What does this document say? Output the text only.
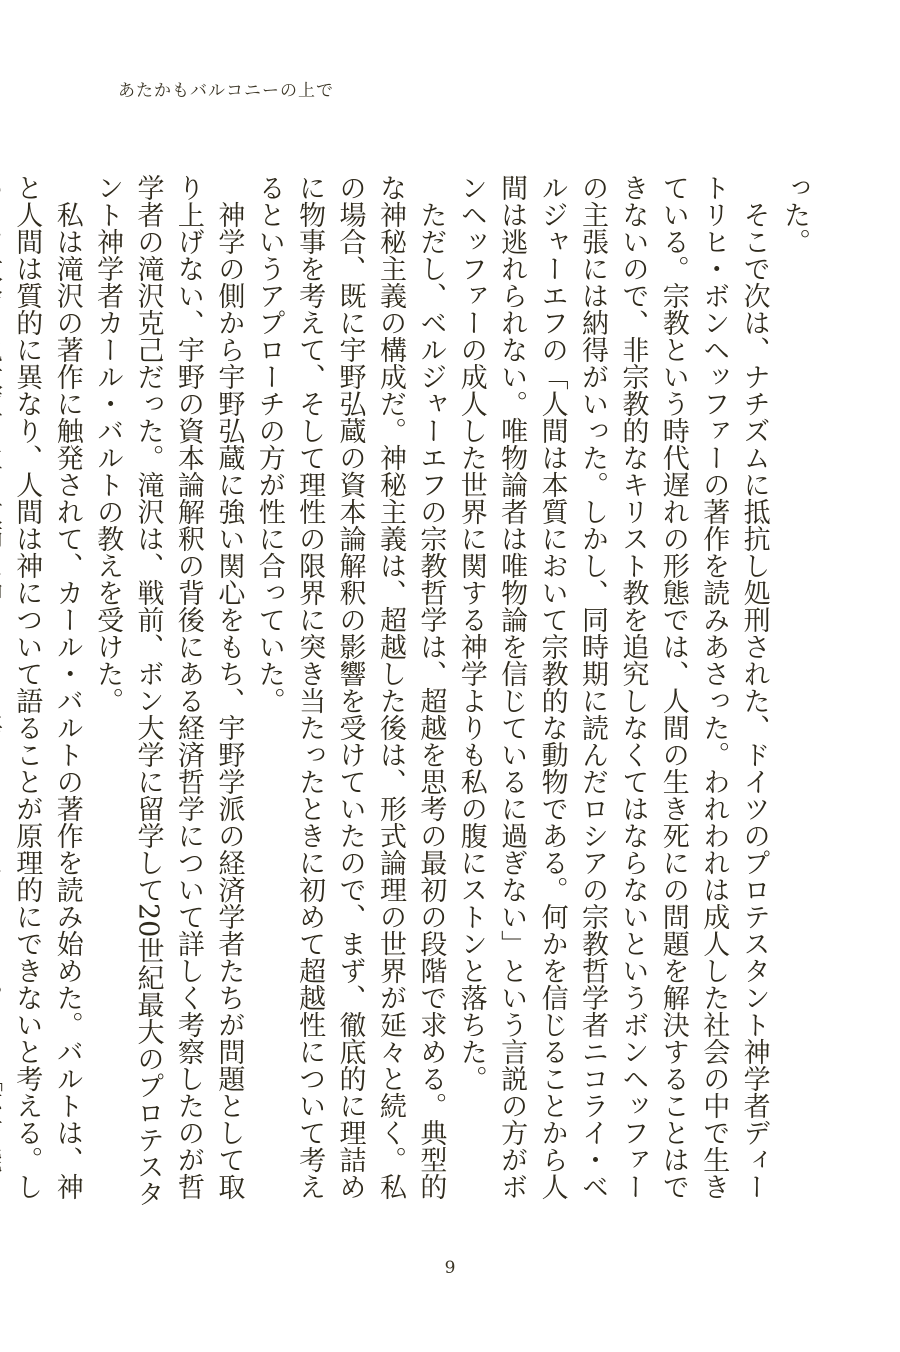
あたかもバルコニーの上で

った。

そこで次は、ナチズムに抵抗し処刑された、ドイツのプロテスタント神学者ディートリヒ・ボンヘッファーの著作を読みあさった。われわれは成人した社会の中で生きている。宗教という時代遅れの形態では、人間の生き死にの問題を解決することはできないので、非宗教的なキリスト教を追究しなくてはならないというボンヘッファーの主張には納得がいった。しかし、同時期に読んだロシアの宗教哲学者ニコライ・ベルジャーエフの「人間は本質において宗教的な動物である。何かを信じることから人間は逃れられない。唯物論者は唯物論を信じているに過ぎない」という言説の方がボンヘッファーの成人した世界に関する神学よりも私の腹にストンと落ちた。

ただし、ベルジャーエフの宗教哲学は、超越を思考の最初の段階で求める。典型的な神秘主義の構成だ。神秘主義は、超越した後は、形式論理の世界が延々と続く。私の場合、既に宇野弘蔵の資本論解釈の影響を受けていたので、まず、徹底的に理詰めに物事を考えて、そして理性の限界に突き当たったときに初めて超越性について考えるというアプローチの方が性に合っていた。

神学の側から宇野弘蔵に強い関心をもち、宇野学派の経済学者たちが問題として取り上げない、宇野の資本論解釈の背後にある経済哲学について詳しく考察したのが哲学者の滝沢克己だった。滝沢は、戦前、ボン大学に留学して20世紀最大のプロテスタント神学者カール・バルトの教えを受けた。

私は滝沢の著作に触発されて、カール・バルトの著作を読み始めた。バルトは、神と人間は質的に異なり、人間は神について語ることが原理的にできないと考える。し

9
